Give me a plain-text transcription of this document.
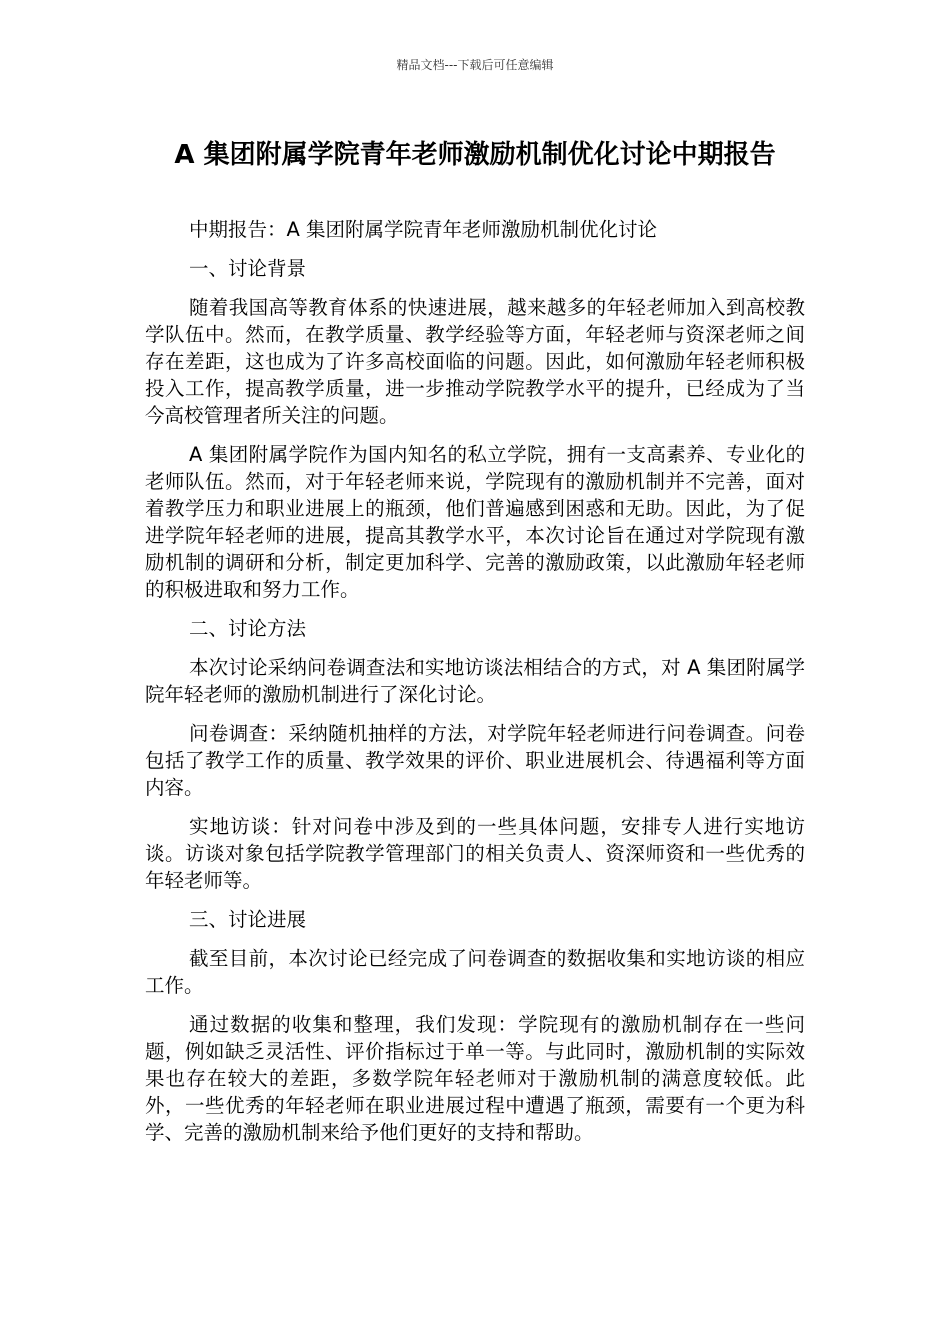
精品文档---下载后可任意编辑
A 集团附属学院青年老师激励机制优化讨论中期报告

中期报告：A 集团附属学院青年老师激励机制优化讨论

一、讨论背景

随着我国高等教育体系的快速进展，越来越多的年轻老师加入到高校教学队伍中。然而，在教学质量、教学经验等方面，年轻老师与资深老师之间存在差距，这也成为了许多高校面临的问题。因此，如何激励年轻老师积极投入工作，提高教学质量，进一步推动学院教学水平的提升，已经成为了当今高校管理者所关注的问题。

A 集团附属学院作为国内知名的私立学院，拥有一支高素养、专业化的老师队伍。然而，对于年轻老师来说，学院现有的激励机制并不完善，面对着教学压力和职业进展上的瓶颈，他们普遍感到困惑和无助。因此，为了促进学院年轻老师的进展，提高其教学水平，本次讨论旨在通过对学院现有激励机制的调研和分析，制定更加科学、完善的激励政策，以此激励年轻老师的积极进取和努力工作。

二、讨论方法

本次讨论采纳问卷调查法和实地访谈法相结合的方式，对 A 集团附属学院年轻老师的激励机制进行了深化讨论。

问卷调查：采纳随机抽样的方法，对学院年轻老师进行问卷调查。问卷包括了教学工作的质量、教学效果的评价、职业进展机会、待遇福利等方面内容。

实地访谈：针对问卷中涉及到的一些具体问题，安排专人进行实地访谈。访谈对象包括学院教学管理部门的相关负责人、资深师资和一些优秀的年轻老师等。

三、讨论进展

截至目前，本次讨论已经完成了问卷调查的数据收集和实地访谈的相应工作。

通过数据的收集和整理，我们发现：学院现有的激励机制存在一些问题，例如缺乏灵活性、评价指标过于单一等。与此同时，激励机制的实际效果也存在较大的差距，多数学院年轻老师对于激励机制的满意度较低。此外，一些优秀的年轻老师在职业进展过程中遭遇了瓶颈，需要有一个更为科学、完善的激励机制来给予他们更好的支持和帮助。
